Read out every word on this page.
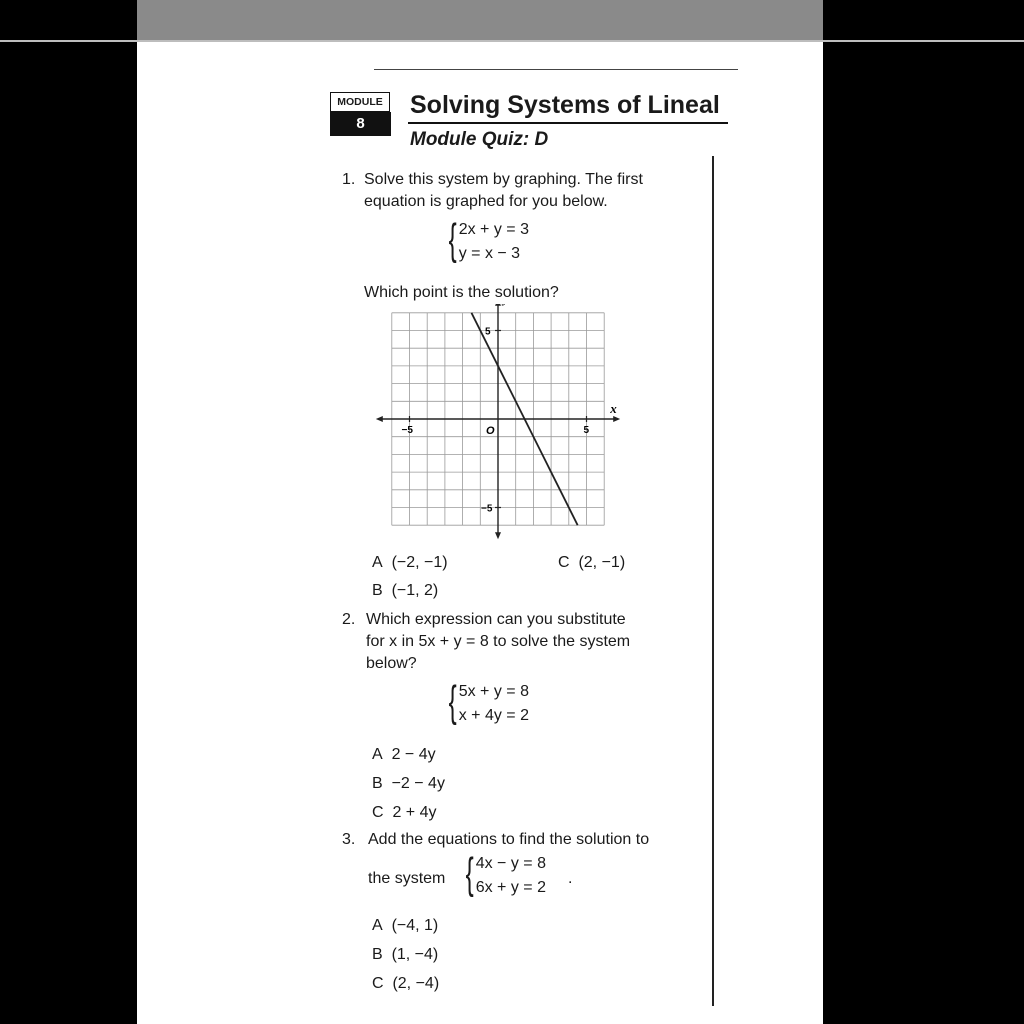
MODULE
8
Solving Systems of Lineal
Module Quiz: D
1. Solve this system by graphing. The first
equation is graphed for you below.
{ 2x + y = 3
y = x − 3
Which point is the solution?
x
O
−5	5
5
−5
A (−2, −1)	C (2, −1)
B (−1, 2)
2. Which expression can you substitute
for x in 5x + y = 8 to solve the system
below?
{ 5x + y = 8
x + 4y = 2
A 2 − 4y
B −2 − 4y
C 2 + 4y
3. Add the equations to find the solution to
the system { 4x − y = 8
6x + y = 2
.
A (−4, 1)
B (1, −4)
C (2, −4)
